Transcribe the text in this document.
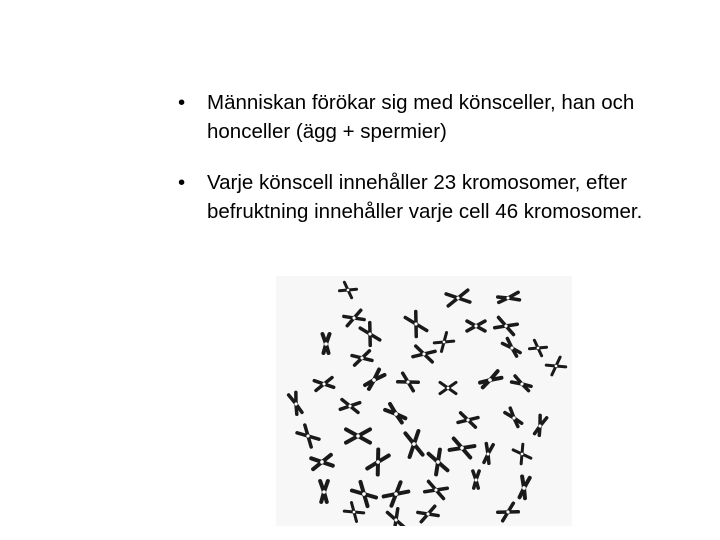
• Människan förökar sig med könsceller, han och honceller (ägg + spermier)
• Varje könscell innehåller 23 kromosomer, efter befruktning innehåller varje cell 46 kromosomer.
